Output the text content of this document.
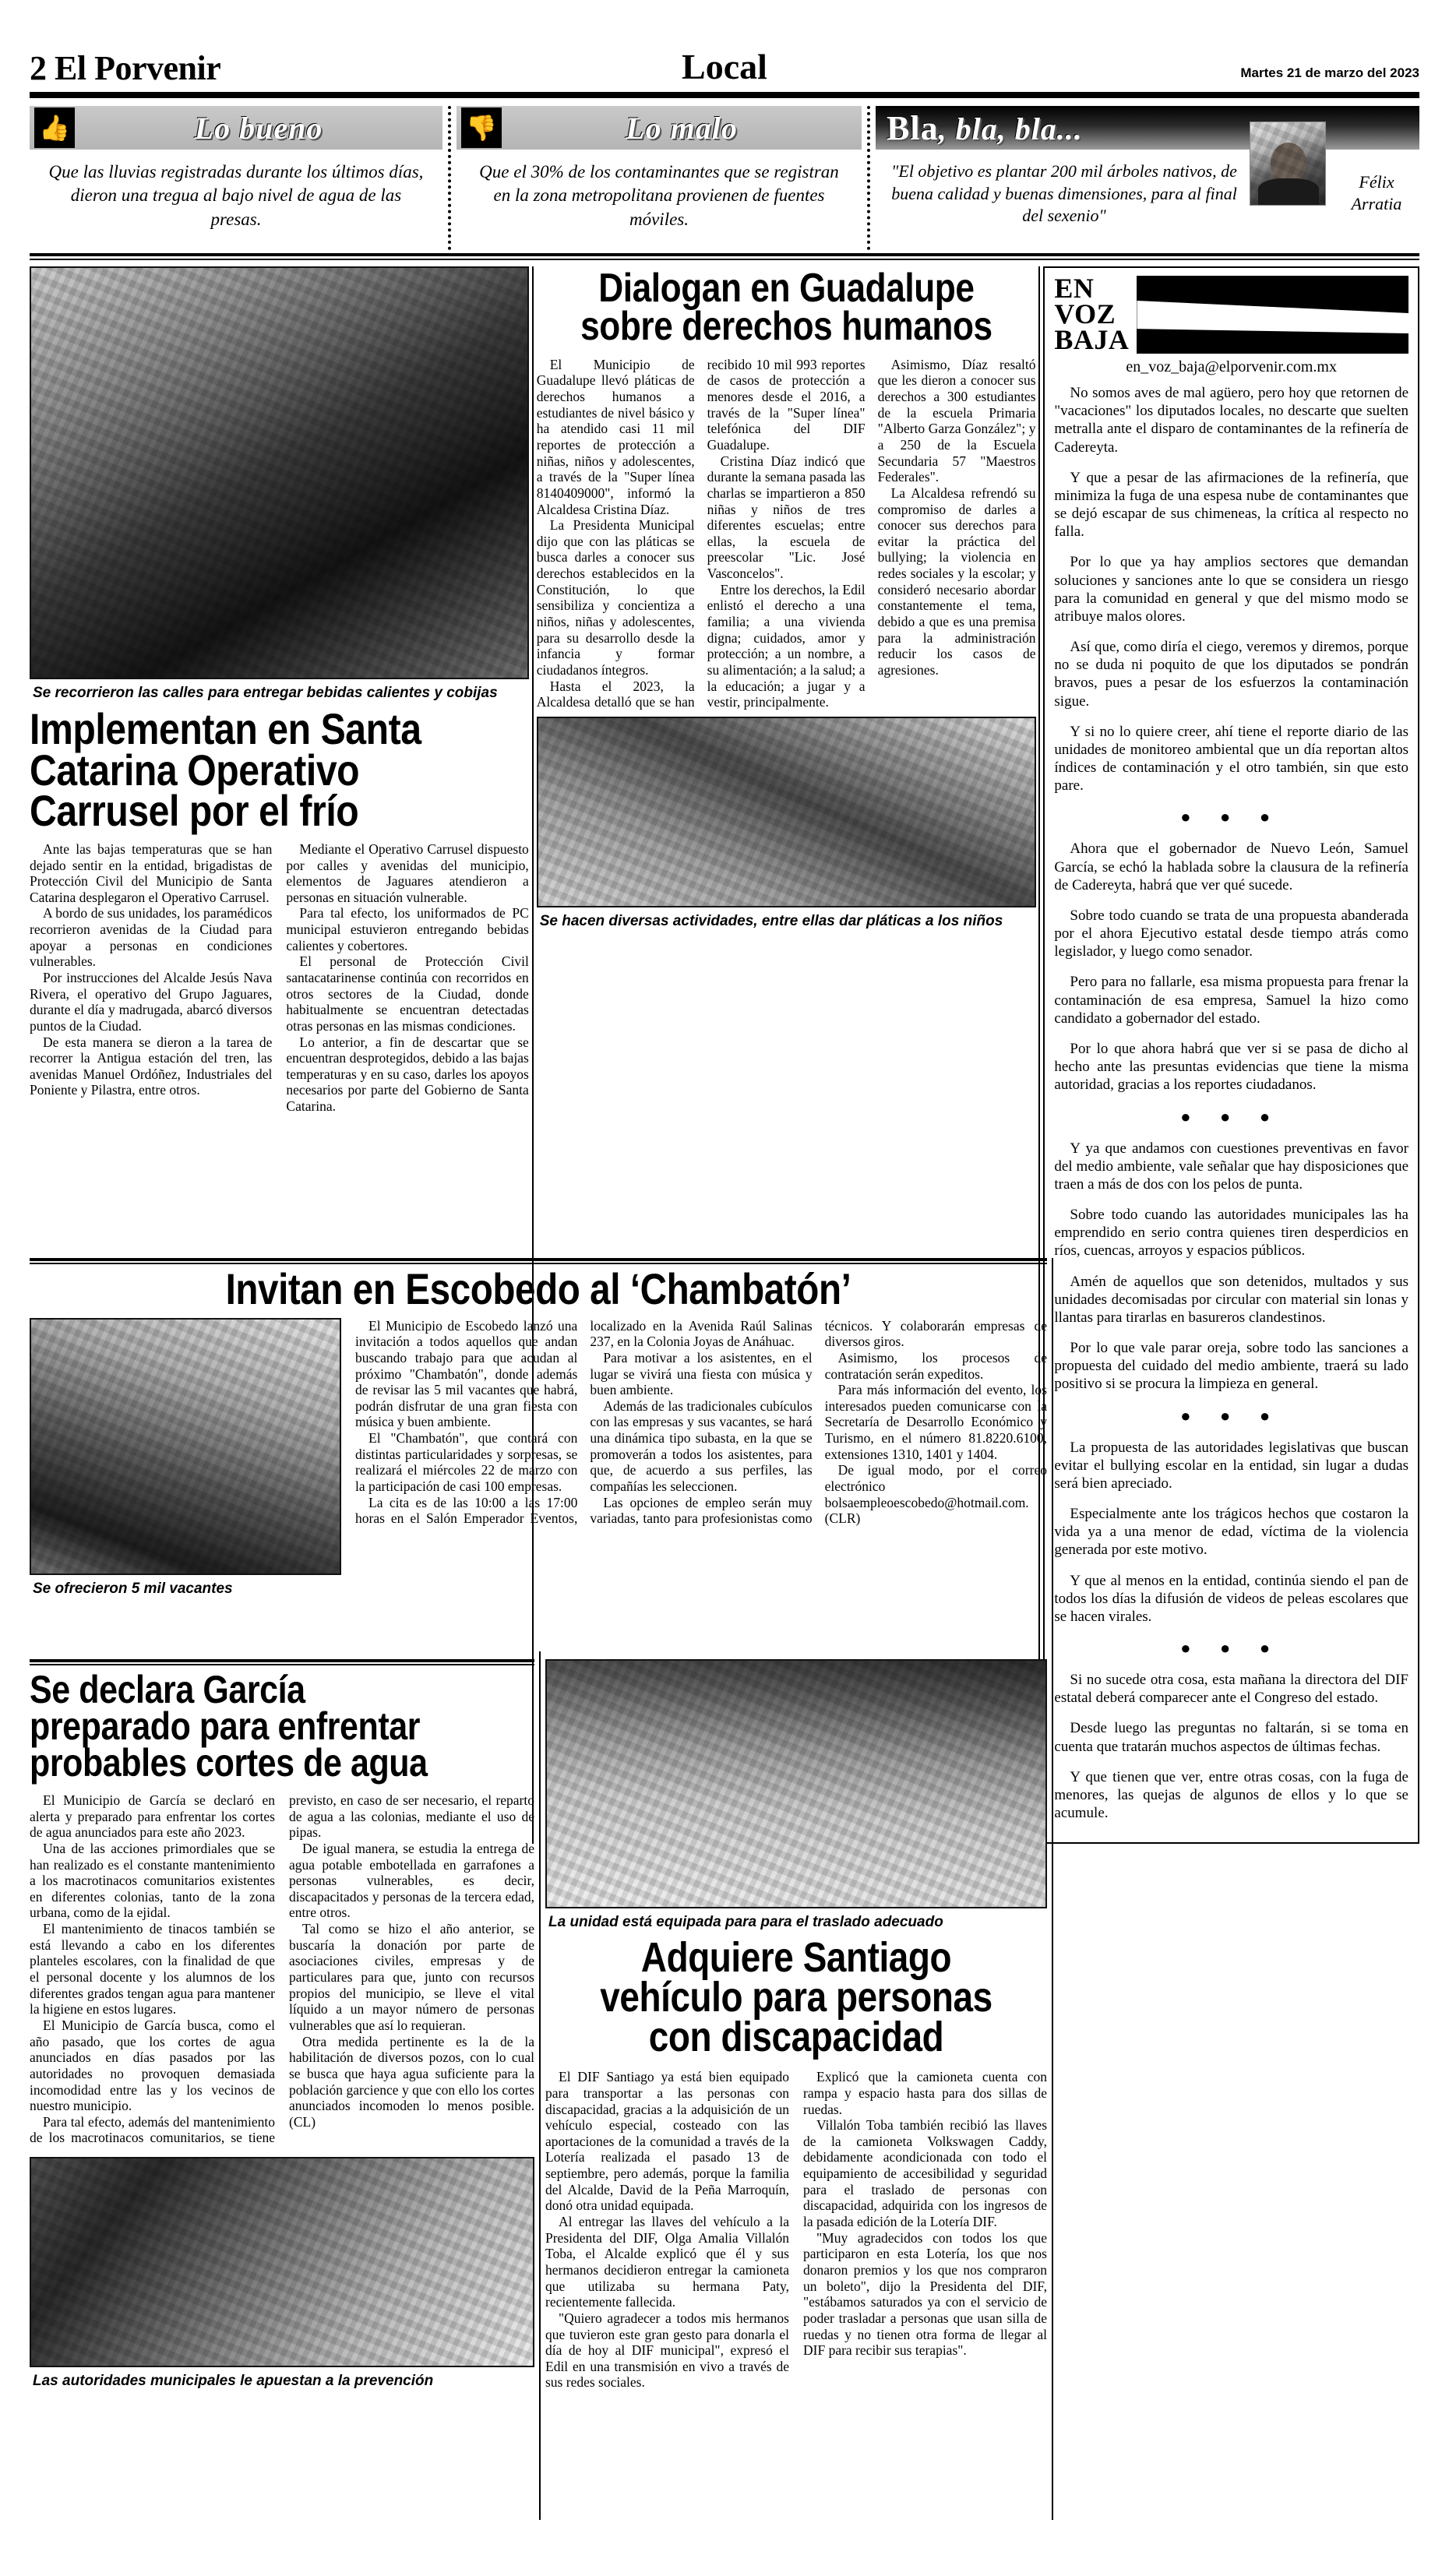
2 El Porvenir	Local	Martes 21 de marzo del 2023
👍	Lo bueno
Que las lluvias registradas durante los últimos días, dieron una tregua al bajo nivel de agua de las presas.
👎	Lo malo
Que el 30% de los contaminantes que se registran en la zona metropolitana provienen de fuentes móviles.
Bla, bla, bla...
"El objetivo es plantar 200 mil árboles nativos, de buena calidad y buenas dimensiones, para al final del sexenio"
Félix Arratia
Se recorrieron las calles para entregar bebidas calientes y cobijas
Implementan en Santa Catarina Operativo Carrusel por el frío

Ante las bajas temperaturas que se han dejado sentir en la entidad, brigadistas de Protección Civil del Municipio de Santa Catarina desplegaron el Operativo Carrusel.

A bordo de sus unidades, los paramédicos recorrieron avenidas de la Ciudad para apoyar a personas en condiciones vulnerables.

Por instrucciones del Alcalde Jesús Nava Rivera, el operativo del Grupo Jaguares, durante el día y madrugada, abarcó diversos puntos de la Ciudad.

De esta manera se dieron a la tarea de recorrer la Antigua estación del tren, las avenidas Manuel Ordóñez, Industriales del Poniente y Pilastra, entre otros.

Mediante el Operativo Carrusel dispuesto por calles y avenidas del municipio, elementos de Jaguares atendieron a personas en situación vulnerable.

Para tal efecto, los uniformados de PC municipal estuvieron entregando bebidas calientes y cobertores.

El personal de Protección Civil santacatarinense continúa con recorridos en otros sectores de la Ciudad, donde habitualmente se encuentran detectadas otras personas en las mismas condiciones.

Lo anterior, a fin de descartar que se encuentran desprotegidos, debido a las bajas temperaturas y en su caso, darles los apoyos necesarios por parte del Gobierno de Santa Catarina.

Dialogan en Guadalupe sobre derechos humanos

El Municipio de Guadalupe llevó pláticas de derechos humanos a estudiantes de nivel básico y ha atendido casi 11 mil reportes de protección a niñas, niños y adolescentes, a través de la "Super línea 8140409000", informó la Alcaldesa Cristina Díaz.

La Presidenta Municipal dijo que con las pláticas se busca darles a conocer sus derechos establecidos en la Constitución, lo que sensibiliza y concientiza a niños, niñas y adolescentes, para su desarrollo desde la infancia y formar ciudadanos íntegros.

Hasta el 2023, la Alcaldesa detalló que se han recibido 10 mil 993 reportes de casos de protección a menores desde el 2016, a través de la "Super línea" telefónica del DIF Guadalupe.

Cristina Díaz indicó que durante la semana pasada las charlas se impartieron a 850 niñas y niños de tres diferentes escuelas; entre ellas, la escuela de preescolar "Lic. José Vasconcelos".

Entre los derechos, la Edil enlistó el derecho a una familia; a una vivienda digna; cuidados, amor y protección; a un nombre, a su alimentación; a la salud; a la educación; a jugar y a vestir, principalmente.

Asimismo, Díaz resaltó que les dieron a conocer sus derechos a 300 estudiantes de la escuela Primaria "Alberto Garza González"; y a 250 de la Escuela Secundaria 57 "Maestros Federales".

La Alcaldesa refrendó su compromiso de darles a conocer sus derechos para evitar la práctica del bullying; la violencia en redes sociales y la escolar; y consideró necesario abordar constantemente el tema, debido a que es una premisa para la administración reducir los casos de agresiones.

Se hacen diversas actividades, entre ellas dar pláticas a los niños
EN
VOZ
BAJA
en_voz_baja@elporvenir.com.mx

No somos aves de mal agüero, pero hoy que retornen de "vacaciones" los diputados locales, no descarte que suelten metralla ante el disparo de contaminantes de la refinería de Cadereyta.

Y que a pesar de las afirmaciones de la refinería, que minimiza la fuga de una espesa nube de contaminantes que se dejó escapar de sus chimeneas, la crítica al respecto no falla.

Por lo que ya hay amplios sectores que demandan soluciones y sanciones ante lo que se considera un riesgo para la comunidad en general y que del mismo modo se atribuye malos olores.

Así que, como diría el ciego, veremos y diremos, porque no se duda ni poquito de que los diputados se pondrán bravos, pues a pesar de los esfuerzos la contaminación sigue.

Y si no lo quiere creer, ahí tiene el reporte diario de las unidades de monitoreo ambiental que un día reportan altos índices de contaminación y el otro también, sin que esto pare.

● ● ●

Ahora que el gobernador de Nuevo León, Samuel García, se echó la hablada sobre la clausura de la refinería de Cadereyta, habrá que ver qué sucede.

Sobre todo cuando se trata de una propuesta abanderada por el ahora Ejecutivo estatal desde tiempo atrás como legislador, y luego como senador.

Pero para no fallarle, esa misma propuesta para frenar la contaminación de esa empresa, Samuel la hizo como candidato a gobernador del estado.

Por lo que ahora habrá que ver si se pasa de dicho al hecho ante las presuntas evidencias que tiene la misma autoridad, gracias a los reportes ciudadanos.

● ● ●

Y ya que andamos con cuestiones preventivas en favor del medio ambiente, vale señalar que hay disposiciones que traen a más de dos con los pelos de punta.

Sobre todo cuando las autoridades municipales las ha emprendido en serio contra quienes tiren desperdicios en ríos, cuencas, arroyos y espacios públicos.

Amén de aquellos que son detenidos, multados y sus unidades decomisadas por circular con material sin lonas y llantas para tirarlas en basureros clandestinos.

Por lo que vale parar oreja, sobre todo las sanciones a propuesta del cuidado del medio ambiente, traerá su lado positivo si se procura la limpieza en general.

● ● ●

La propuesta de las autoridades legislativas que buscan evitar el bullying escolar en la entidad, sin lugar a dudas será bien apreciado.

Especialmente ante los trágicos hechos que costaron la vida ya a una menor de edad, víctima de la violencia generada por este motivo.

Y que al menos en la entidad, continúa siendo el pan de todos los días la difusión de videos de peleas escolares que se hacen virales.

● ● ●

Si no sucede otra cosa, esta mañana la directora del DIF estatal deberá comparecer ante el Congreso del estado.

Desde luego las preguntas no faltarán, si se toma en cuenta que tratarán muchos aspectos de últimas fechas.

Y que tienen que ver, entre otras cosas, con la fuga de menores, las quejas de algunos de ellos y lo que se acumule.

Invitan en Escobedo al ‘Chambatón’
Se ofrecieron 5 mil vacantes

El Municipio de Escobedo lanzó una invitación a todos aquellos que andan buscando trabajo para que acudan al próximo "Chambatón", donde además de revisar las 5 mil vacantes que habrá, podrán disfrutar de una gran fiesta con música y buen ambiente.

El "Chambatón", que contará con distintas particularidades y sorpresas, se realizará el miércoles 22 de marzo con la participación de casi 100 empresas.

La cita es de las 10:00 a las 17:00 horas en el Salón Emperador Eventos, localizado en la Avenida Raúl Salinas 237, en la Colonia Joyas de Anáhuac.

Para motivar a los asistentes, en el lugar se vivirá una fiesta con música y buen ambiente.

Además de las tradicionales cubículos con las empresas y sus vacantes, se hará una dinámica tipo subasta, en la que se promoverán a todos los asistentes, para que, de acuerdo a sus perfiles, las compañías les seleccionen.

Las opciones de empleo serán muy variadas, tanto para profesionistas como técnicos. Y colaborarán empresas de diversos giros.

Asimismo, los procesos de contratación serán expeditos.

Para más información del evento, los interesados pueden comunicarse con la Secretaría de Desarrollo Económico y Turismo, en el número 81.8220.6100, extensiones 1310, 1401 y 1404.

De igual modo, por el correo electrónico bolsaempleoescobedo@hotmail.com.(CLR)

Se declara García preparado para enfrentar probables cortes de agua

El Municipio de García se declaró en alerta y preparado para enfrentar los cortes de agua anunciados para este año 2023.

Una de las acciones primordiales que se han realizado es el constante mantenimiento a los macrotinacos comunitarios existentes en diferentes colonias, tanto de la zona urbana, como de la ejidal.

El mantenimiento de tinacos también se está llevando a cabo en los diferentes planteles escolares, con la finalidad de que el personal docente y los alumnos de los diferentes grados tengan agua para mantener la higiene en estos lugares.

El Municipio de García busca, como el año pasado, que los cortes de agua anunciados en días pasados por las autoridades no provoquen demasiada incomodidad entre las y los vecinos de nuestro municipio.

Para tal efecto, además del mantenimiento de los macrotinacos comunitarios, se tiene previsto, en caso de ser necesario, el reparto de agua a las colonias, mediante el uso de pipas.

De igual manera, se estudia la entrega de agua potable embotellada en garrafones a personas vulnerables, es decir, discapacitados y personas de la tercera edad, entre otros.

Tal como se hizo el año anterior, se buscaría la donación por parte de asociaciones civiles, empresas y de particulares para que, junto con recursos propios del municipio, se lleve el vital líquido a un mayor número de personas vulnerables que así lo requieran.

Otra medida pertinente es la de la habilitación de diversos pozos, con lo cual se busca que haya agua suficiente para la población garcience y que con ello los cortes anunciados incomoden lo menos posible.(CL)

Las autoridades municipales le apuestan a la prevención
La unidad está equipada para para el traslado adecuado
Adquiere Santiago vehículo para personas con discapacidad

El DIF Santiago ya está bien equipado para transportar a las personas con discapacidad, gracias a la adquisición de un vehículo especial, costeado con las aportaciones de la comunidad a través de la Lotería realizada el pasado 13 de septiembre, pero además, porque la familia del Alcalde, David de la Peña Marroquín, donó otra unidad equipada.

Al entregar las llaves del vehículo a la Presidenta del DIF, Olga Amalia Villalón Toba, el Alcalde explicó que él y sus hermanos decidieron entregar la camioneta que utilizaba su hermana Paty, recientemente fallecida.

"Quiero agradecer a todos mis hermanos que tuvieron este gran gesto para donarla el día de hoy al DIF municipal", expresó el Edil en una transmisión en vivo a través de sus redes sociales.

Explicó que la camioneta cuenta con rampa y espacio hasta para dos sillas de ruedas.

Villalón Toba también recibió las llaves de la camioneta Volkswagen Caddy, debidamente acondicionada con todo el equipamiento de accesibilidad y seguridad para el traslado de personas con discapacidad, adquirida con los ingresos de la pasada edición de la Lotería DIF.

"Muy agradecidos con todos los que participaron en esta Lotería, los que nos donaron premios y los que nos compraron un boleto", dijo la Presidenta del DIF, "estábamos saturados ya con el servicio de poder trasladar a personas que usan silla de ruedas y no tienen otra forma de llegar al DIF para recibir sus terapias".
